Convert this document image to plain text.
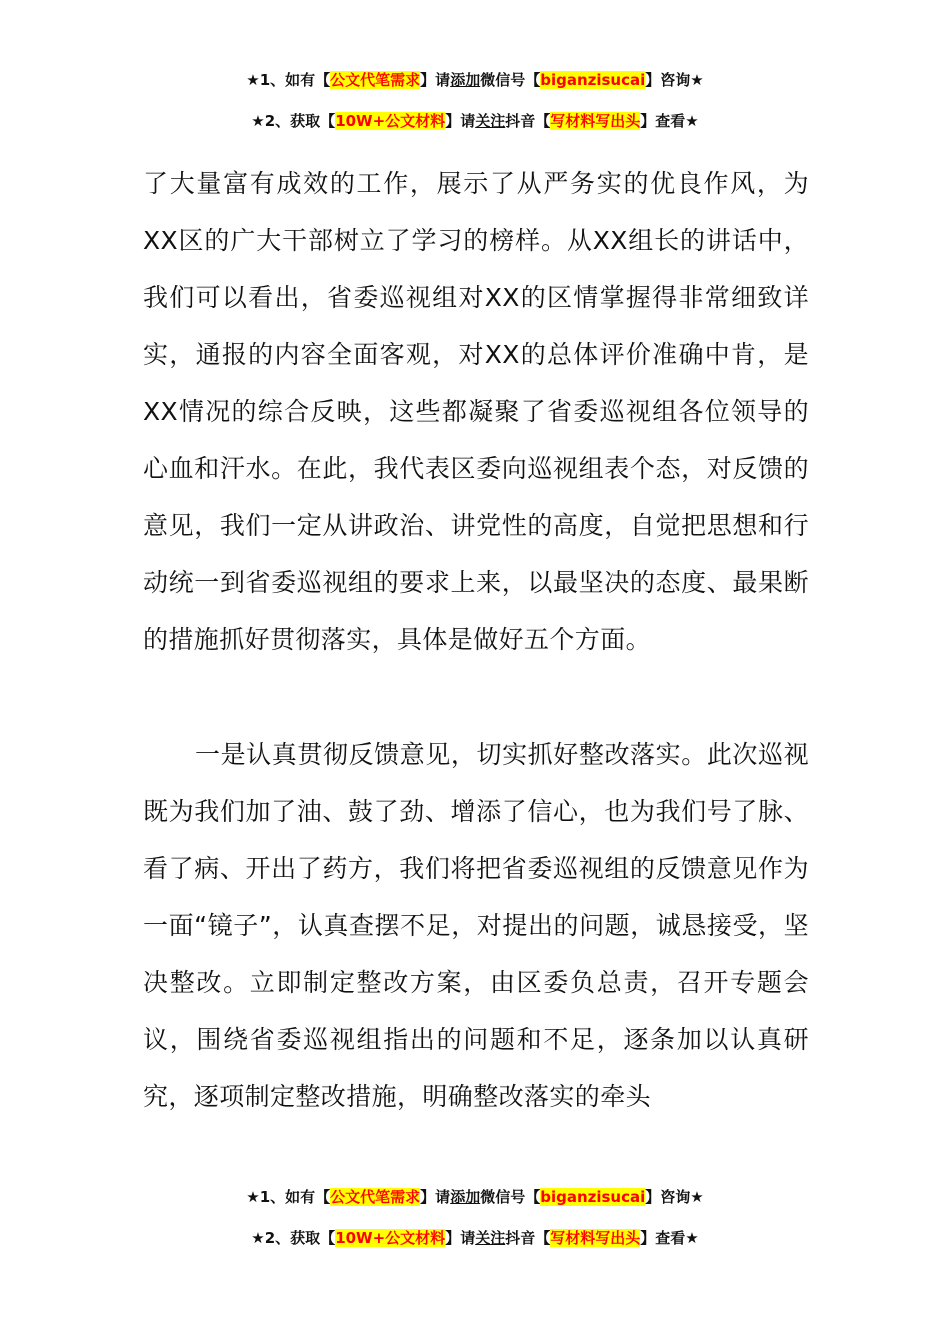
★1、如有【公文代笔需求】请添加微信号【biganzisucai】咨询★
★2、获取【10W+公文材料】请关注抖音【写材料写出头】查看★

了大量富有成效的工作，展示了从严务实的优良作风，为XX区的广大干部树立了学习的榜样。从XX组长的讲话中，我们可以看出，省委巡视组对XX的区情掌握得非常细致详实，通报的内容全面客观，对XX的总体评价准确中肯，是XX情况的综合反映，这些都凝聚了省委巡视组各位领导的心血和汗水。在此，我代表区委向巡视组表个态，对反馈的意见，我们一定从讲政治、讲党性的高度，自觉把思想和行动统一到省委巡视组的要求上来，以最坚决的态度、最果断的措施抓好贯彻落实，具体是做好五个方面。

一是认真贯彻反馈意见，切实抓好整改落实。此次巡视既为我们加了油、鼓了劲、增添了信心，也为我们号了脉、看了病、开出了药方，我们将把省委巡视组的反馈意见作为一面“镜子”，认真查摆不足，对提出的问题，诚恳接受，坚决整改。立即制定整改方案，由区委负总责，召开专题会议，围绕省委巡视组指出的问题和不足，逐条加以认真研究，逐项制定整改措施，明确整改落实的牵头

★1、如有【公文代笔需求】请添加微信号【biganzisucai】咨询★
★2、获取【10W+公文材料】请关注抖音【写材料写出头】查看★
